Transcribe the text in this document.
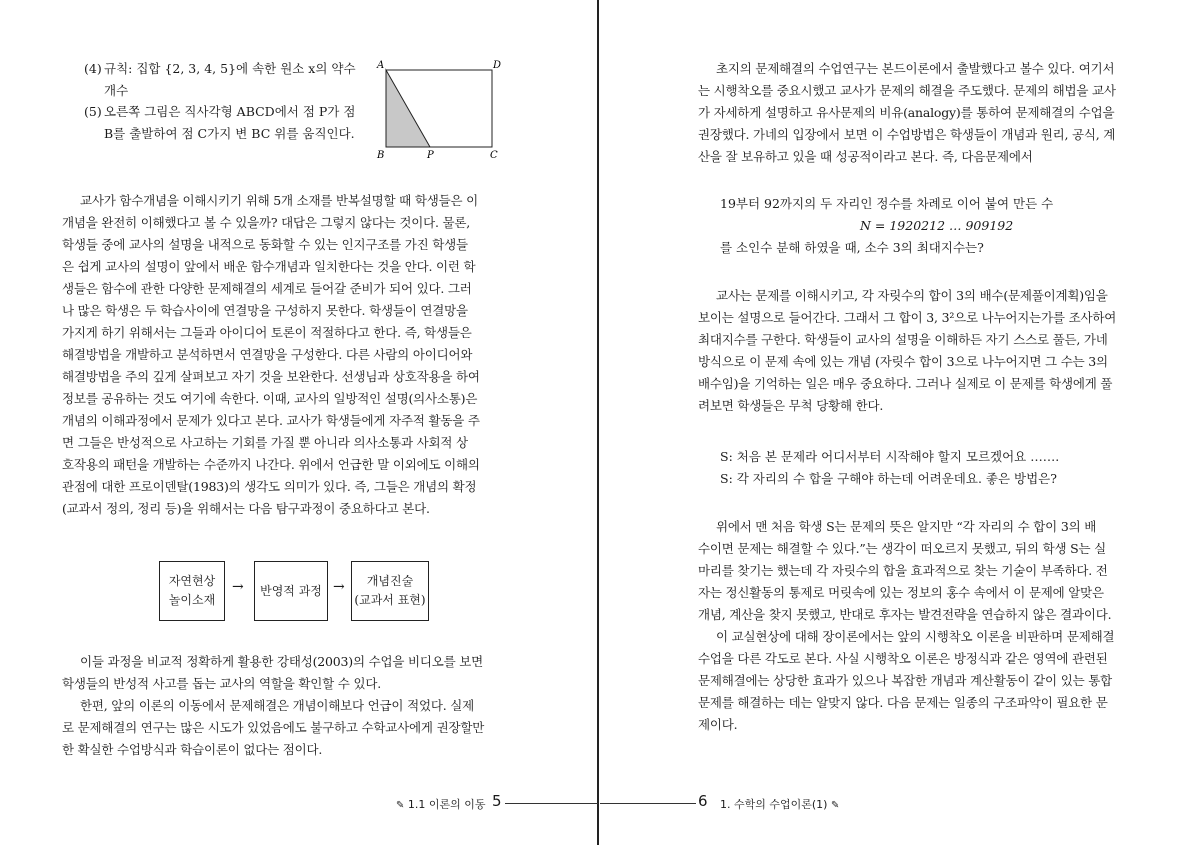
(4) 규칙: 집합 {2, 3, 4, 5}에 속한 원소 x의 약수
개수
(5) 오른쪽 그림은 직사각형 ABCD에서 점 P가 점
B를 출발하여 점 C가지 변 BC 위를 움직인다.
A	D
B	P	C
교사가 함수개념을 이해시키기 위해 5개 소재를 반복설명할 때 학생들은 이
개념을 완전히 이해했다고 볼 수 있을까? 대답은 그렇지 않다는 것이다. 물론,
학생들 중에 교사의 설명을 내적으로 동화할 수 있는 인지구조를 가진 학생들
은 쉽게 교사의 설명이 앞에서 배운 함수개념과 일치한다는 것을 안다. 이런 학
생들은 함수에 관한 다양한 문제해결의 세계로 들어갈 준비가 되어 있다. 그러
나 많은 학생은 두 학습사이에 연결망을 구성하지 못한다. 학생들이 연결망을
가지게 하기 위해서는 그들과 아이디어 토론이 적절하다고 한다. 즉, 학생들은
해결방법을 개발하고 분석하면서 연결망을 구성한다. 다른 사람의 아이디어와
해결방법을 주의 깊게 살펴보고 자기 것을 보완한다. 선생님과 상호작용을 하여
정보를 공유하는 것도 여기에 속한다. 이때, 교사의 일방적인 설명(의사소통)은
개념의 이해과정에서 문제가 있다고 본다. 교사가 학생들에게 자주적 활동을 주
면 그들은 반성적으로 사고하는 기회를 가질 뿐 아니라 의사소통과 사회적 상
호작용의 패턴을 개발하는 수준까지 나간다. 위에서 언급한 말 이외에도 이해의
관점에 대한 프로이덴탈(1983)의 생각도 의미가 있다. 즉, 그들은 개념의 확정
(교과서 정의, 정리 등)을 위해서는 다음 탐구과정이 중요하다고 본다.
자연현상
놀이소재
→	반영적 과정 →	개념진술
(교과서 표현)
이들 과정을 비교적 정확하게 활용한 강태성(2003)의 수업을 비디오를 보면
학생들의 반성적 사고를 돕는 교사의 역할을 확인할 수 있다.
한편, 앞의 이론의 이동에서 문제해결은 개념이해보다 언급이 적었다. 실제
로 문제해결의 연구는 많은 시도가 있었음에도 불구하고 수학교사에게 권장할만
한 확실한 수업방식과 학습이론이 없다는 점이다.
✎ 1.1 이론의 이동 5
초지의 문제해결의 수업연구는 본드이론에서 출발했다고 볼수 있다. 여기서
는 시행착오를 중요시했고 교사가 문제의 해결을 주도했다. 문제의 해법을 교사
가 자세하게 설명하고 유사문제의 비유(analogy)를 통하여 문제해결의 수업을
권장했다. 가네의 입장에서 보면 이 수업방법은 학생들이 개념과 원리, 공식, 계
산을 잘 보유하고 있을 때 성공적이라고 본다. 즉, 다음문제에서
19부터 92까지의 두 자리인 정수를 차례로 이어 붙여 만든 수
N = 1920212 … 909192
를 소인수 분해 하였을 때, 소수 3의 최대지수는?
교사는 문제를 이해시키고, 각 자릿수의 합이 3의 배수(문제풀이계획)임을
보이는 설명으로 들어간다. 그래서 그 합이 3, 3²으로 나누어지는가를 조사하여
최대지수를 구한다. 학생들이 교사의 설명을 이해하든 자기 스스로 풀든, 가네
방식으로 이 문제 속에 있는 개념 (자릿수 합이 3으로 나누어지면 그 수는 3의
배수임)을 기억하는 일은 매우 중요하다. 그러나 실제로 이 문제를 학생에게 풀
려보면 학생들은 무척 당황해 한다.
S: 처음 본 문제라 어디서부터 시작해야 할지 모르겠어요 …….
S: 각 자리의 수 합을 구해야 하는데 어려운데요. 좋은 방법은?
위에서 맨 처음 학생 S는 문제의 뜻은 알지만 “각 자리의 수 합이 3의 배
수이면 문제는 해결할 수 있다.”는 생각이 떠오르지 못했고, 뒤의 학생 S는 실
마리를 찾기는 했는데 각 자릿수의 합을 효과적으로 찾는 기술이 부족하다. 전
자는 정신활동의 통제로 머릿속에 있는 정보의 홍수 속에서 이 문제에 알맞은
개념, 계산을 찾지 못했고, 반대로 후자는 발견전략을 연습하지 않은 결과이다.
이 교실현상에 대해 장이론에서는 앞의 시행착오 이론을 비판하며 문제해결
수업을 다른 각도로 본다. 사실 시행착오 이론은 방정식과 같은 영역에 관련된
문제해결에는 상당한 효과가 있으나 복잡한 개념과 계산활동이 같이 있는 통합
문제를 해결하는 데는 알맞지 않다. 다음 문제는 일종의 구조파악이 필요한 문
제이다.
6 1. 수학의 수업이론(1) ✎
